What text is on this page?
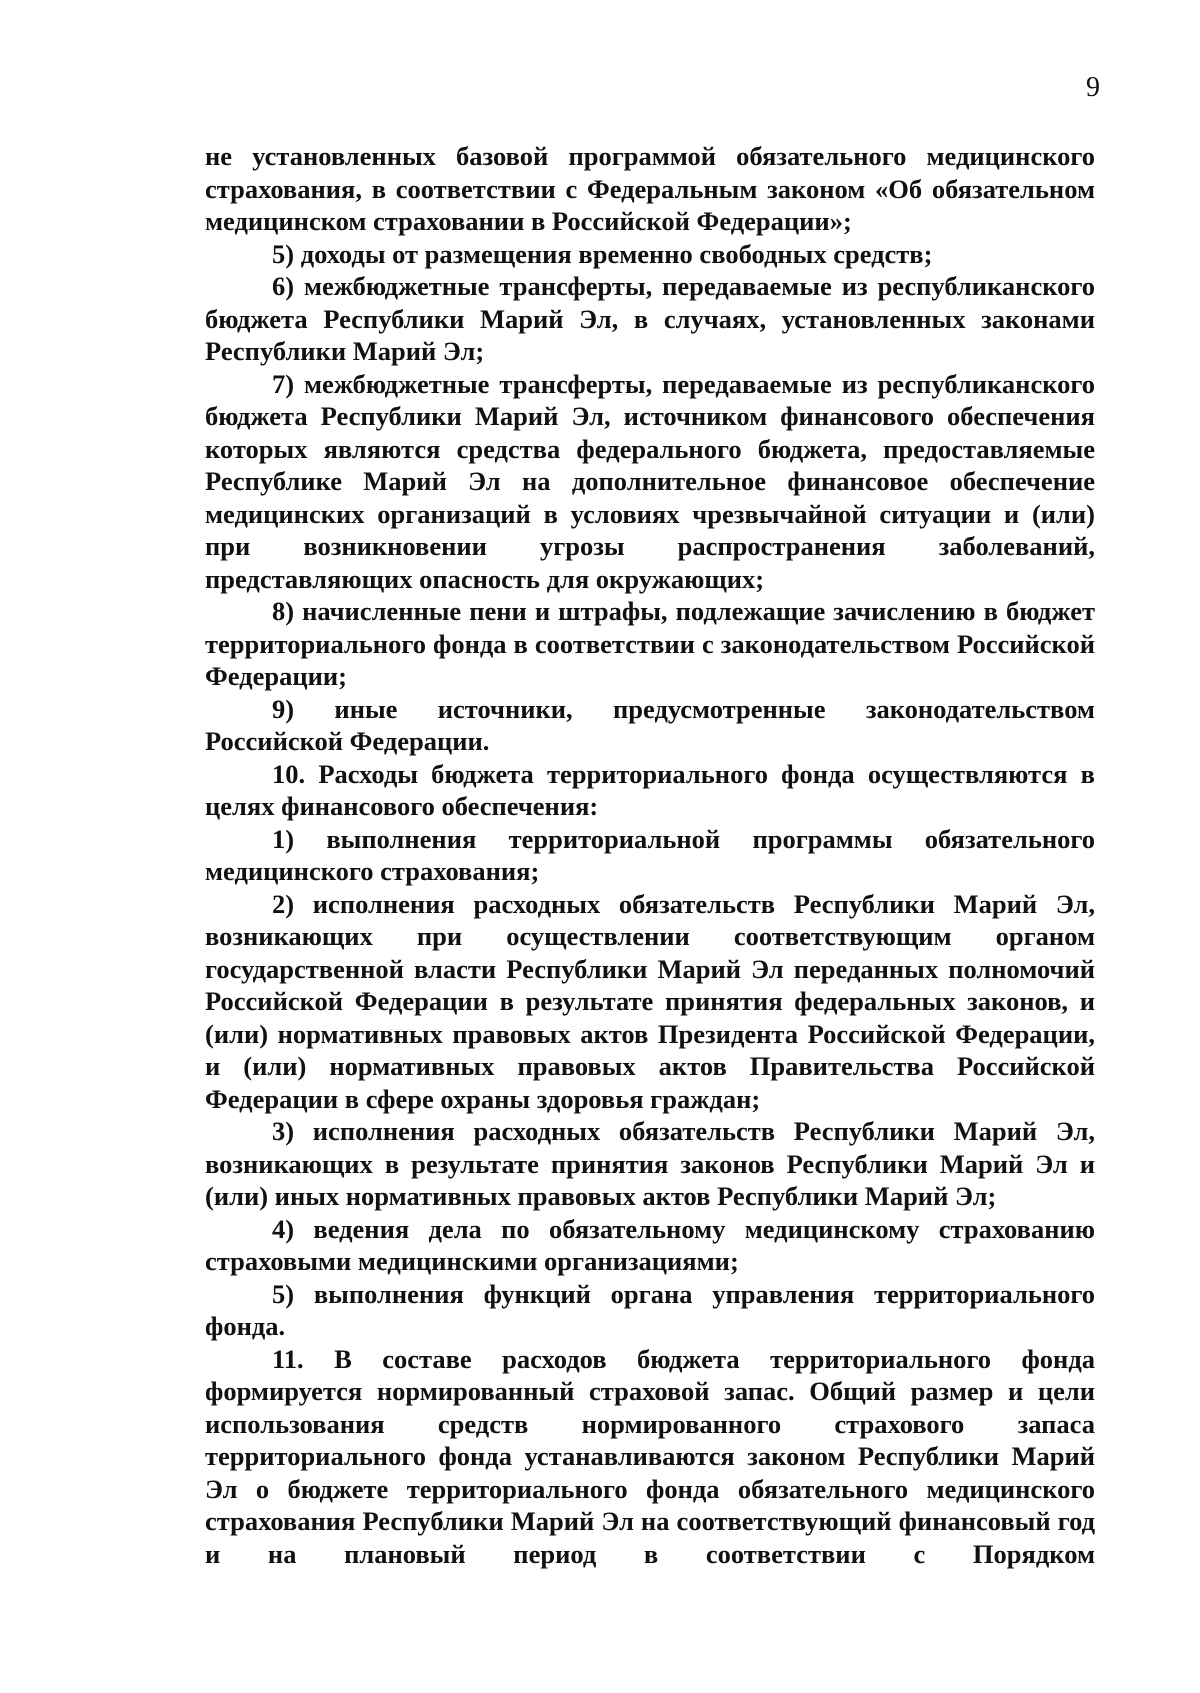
9

не установленных базовой программой обязательного медицинского страхования, в соответствии с Федеральным законом «Об обязательном медицинском страховании в Российской Федерации»;

5) доходы от размещения временно свободных средств;

6) межбюджетные трансферты, передаваемые из республиканского бюджета Республики Марий Эл, в случаях, установленных законами Республики Марий Эл;

7) межбюджетные трансферты, передаваемые из республиканского бюджета Республики Марий Эл, источником финансового обеспечения которых являются средства федерального бюджета, предоставляемые Республике Марий Эл на дополнительное финансовое обеспечение медицинских организаций в условиях чрезвычайной ситуации и (или) при возникновении угрозы распространения заболеваний, представляющих опасность для окружающих;

8) начисленные пени и штрафы, подлежащие зачислению в бюджет территориального фонда в соответствии с законодательством Российской Федерации;

9) иные источники, предусмотренные законодательством Российской Федерации.

10. Расходы бюджета территориального фонда осуществляются в целях финансового обеспечения:

1) выполнения территориальной программы обязательного медицинского страхования;

2) исполнения расходных обязательств Республики Марий Эл, возникающих при осуществлении соответствующим органом государственной власти Республики Марий Эл переданных полномочий Российской Федерации в результате принятия федеральных законов, и (или) нормативных правовых актов Президента Российской Федерации, и (или) нормативных правовых актов Правительства Российской Федерации в сфере охраны здоровья граждан;

3) исполнения расходных обязательств Республики Марий Эл, возникающих в результате принятия законов Республики Марий Эл и (или) иных нормативных правовых актов Республики Марий Эл;

4) ведения дела по обязательному медицинскому страхованию страховыми медицинскими организациями;

5) выполнения функций органа управления территориального фонда.

11. В составе расходов бюджета территориального фонда формируется нормированный страховой запас. Общий размер и цели использования средств нормированного страхового запаса территориального фонда устанавливаются законом Республики Марий Эл о бюджете территориального фонда обязательного медицинского страхования Республики Марий Эл на соответствующий финансовый год и на плановый период в соответствии с Порядком
